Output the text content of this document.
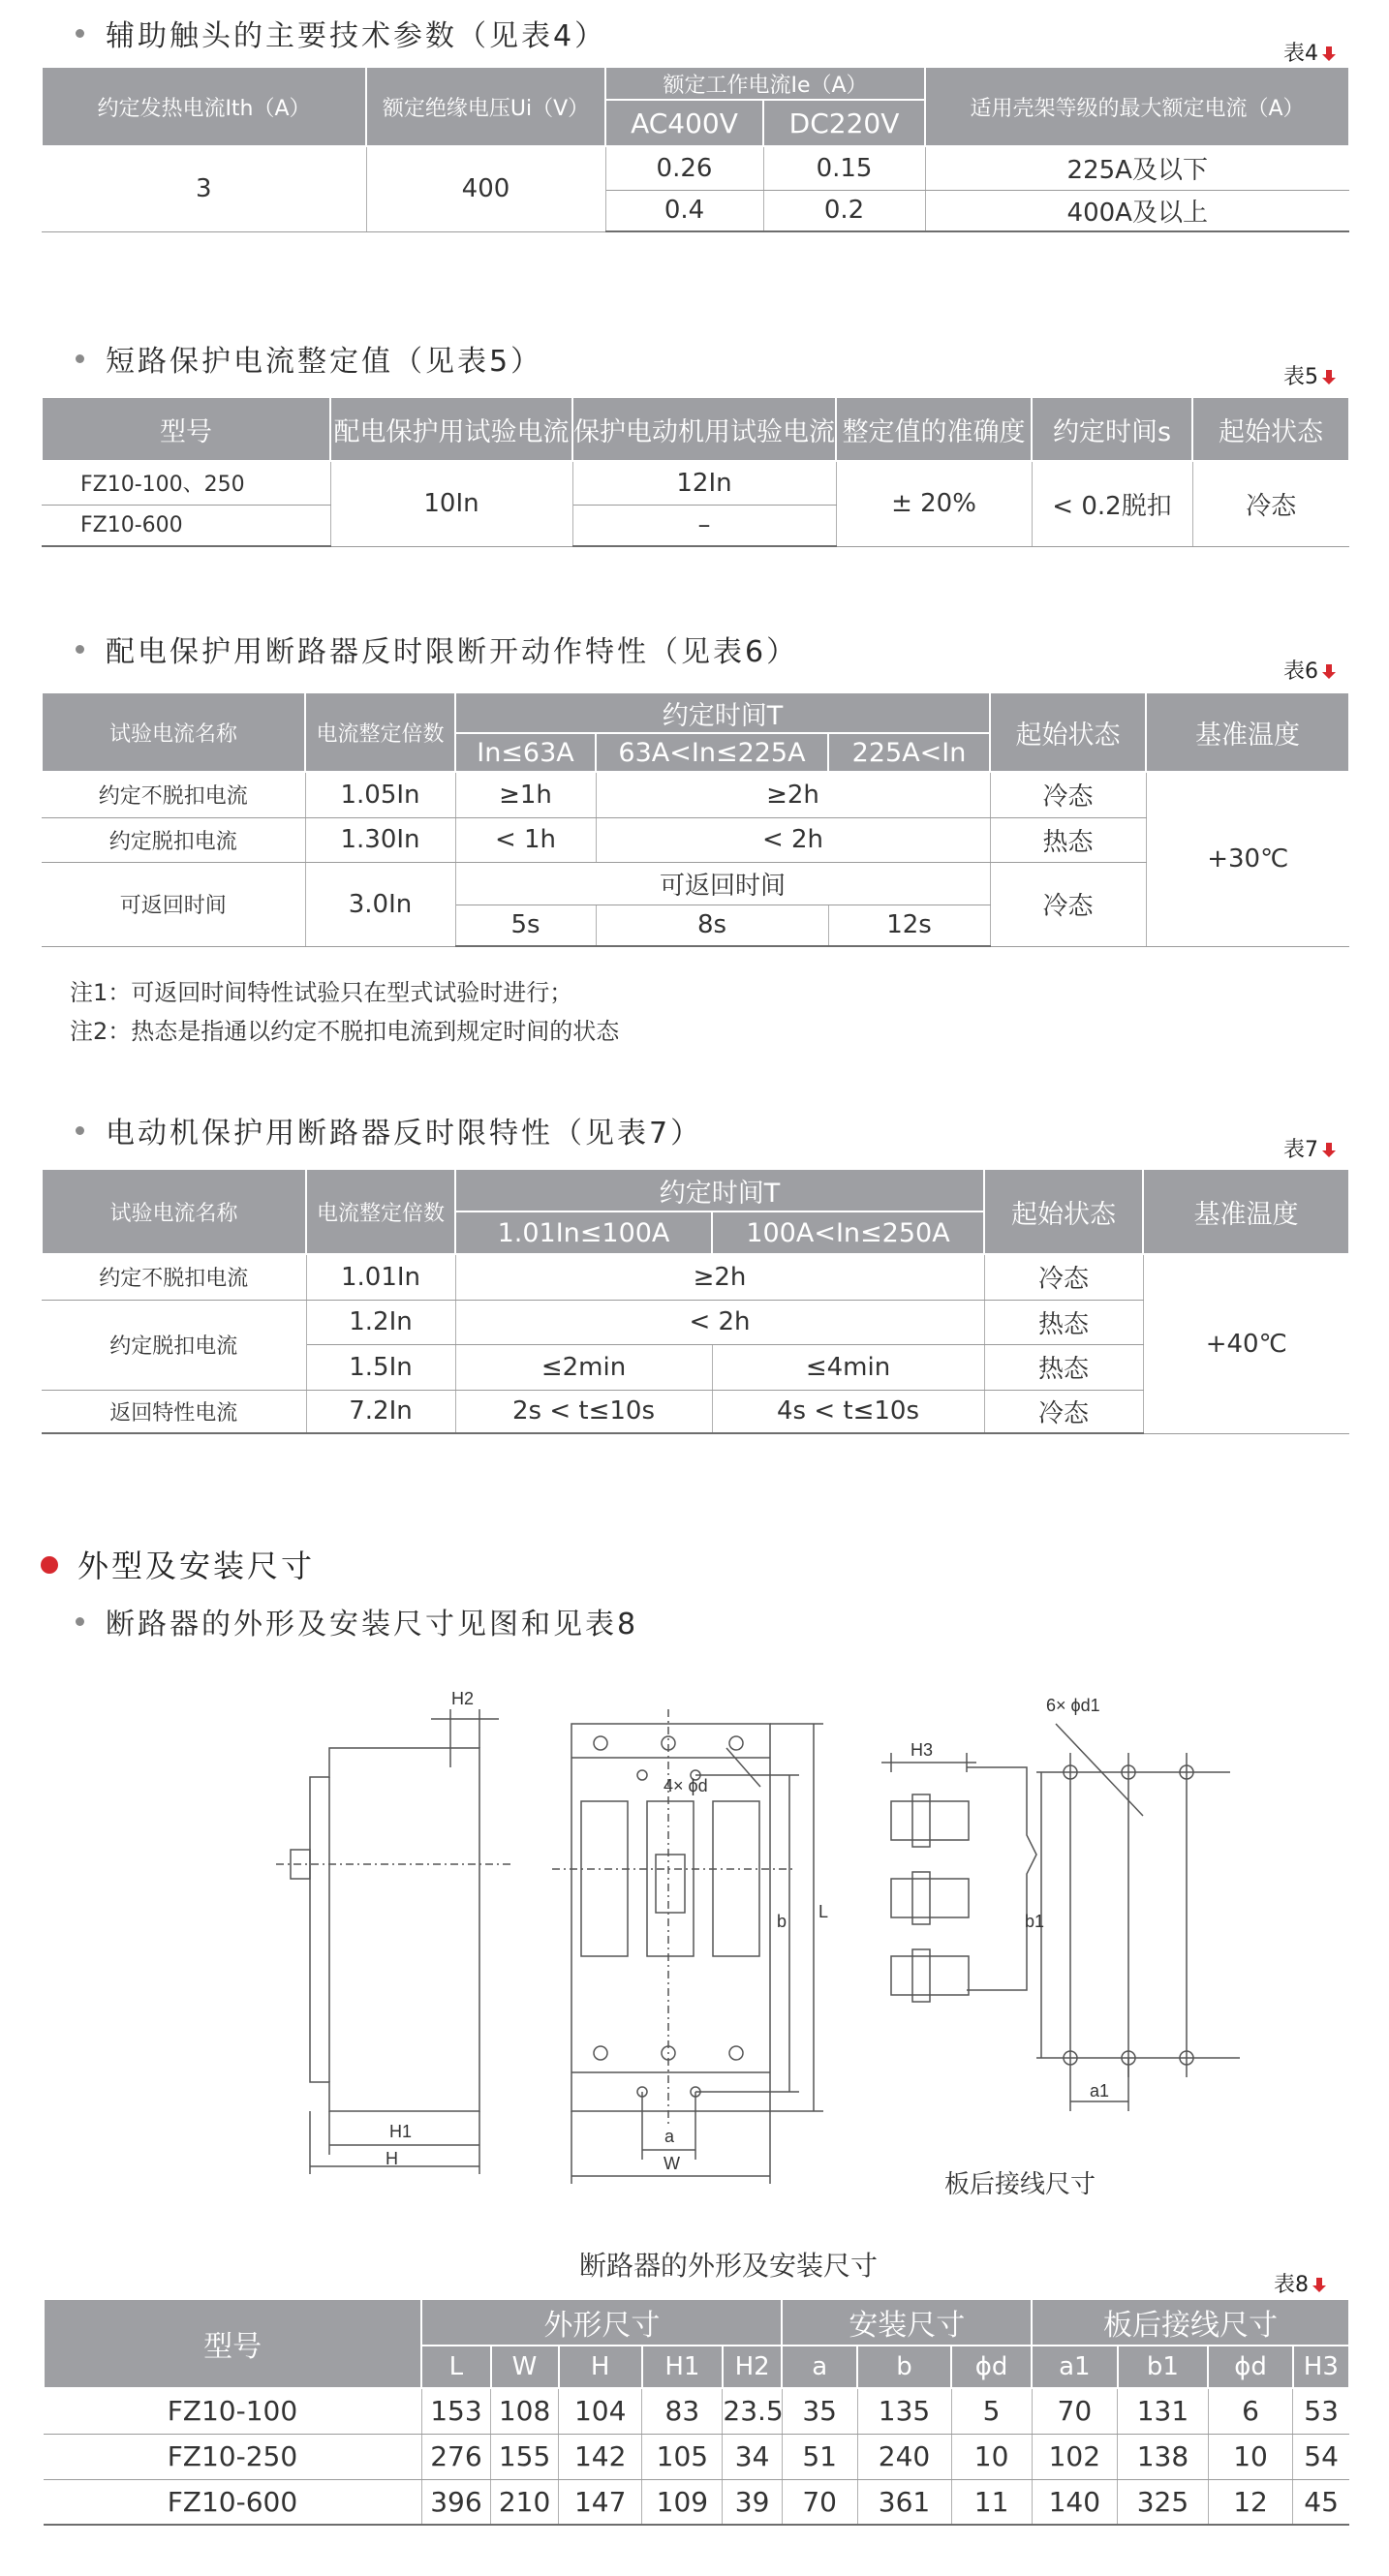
辅助触头的主要技术参数（见表4）
表4
约定发热电流Ith（A）	额定绝缘电压Ui（V）	额定工作电流Ie（A）		适用壳架等级的最大额定电流（A）
		AC400V	DC220V	
3	400	0.26	0.15	225A及以下
		0.4	0.2	400A及以上
短路保护电流整定值（见表5）	表5
型号	配电保护用试验电流	保护电动机用试验电流	整定值的准确度	约定时间s	起始状态
FZ10-100、250	10In	12In	± 20%	< 0.2脱扣	冷态
FZ10-600		–			
配电保护用断路器反时限断开动作特性（见表6）
表6
试验电流名称	电流整定倍数	约定时间T			起始状态	基准温度
		In≤63A	63A<In≤225A	225A<In		
约定不脱扣电流	1.05In	≥1h	≥2h		冷态	+30℃
约定脱扣电流	1.30In	< 1h	< 2h		热态	
可返回时间	3.0In	可返回时间			冷态	
		5s	8s	12s		
注1：可返回时间特性试验只在型式试验时进行；
注2：热态是指通以约定不脱扣电流到规定时间的状态
电动机保护用断路器反时限特性（见表7）	表7
试验电流名称	电流整定倍数	约定时间T		起始状态	基准温度
		1.01In≤100A	100A<In≤250A		
约定不脱扣电流	1.01In	≥2h		冷态	+40℃
约定脱扣电流	1.2In	< 2h		热态	
	1.5In	≤2min	≤4min	热态	
返回特性电流	7.2In	2s < t≤10s	4s < t≤10s	冷态	
外型及安装尺寸
断路器的外形及安装尺寸见图和见表8
H2
H1
H
4× ϕd
b L
a
W
H3
6× ϕd1
b1
a1
板后接线尺寸
断路器的外形及安装尺寸
表8
型号	外形尺寸					安装尺寸			板后接线尺寸			
	L	W	H	H1	H2	a	b	ϕd	a1	b1	ϕd	H3
FZ10-100	153	108	104	83	23.5	35	135	5	70	131	6	53
FZ10-250	276	155	142	105	34	51	240	10	102	138	10	54
FZ10-600	396	210	147	109	39	70	361	11	140	325	12	45
